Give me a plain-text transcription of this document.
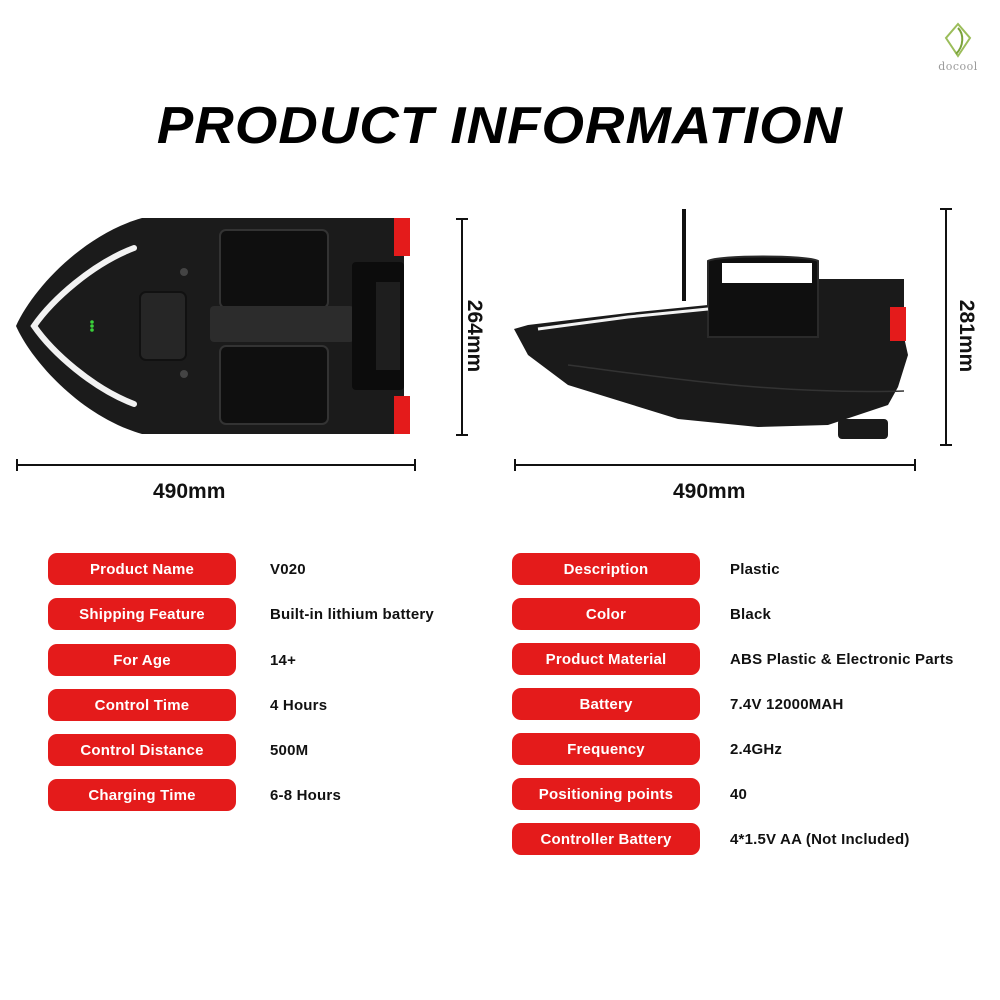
docool
PRODUCT INFORMATION
264mm
490mm
281mm
490mm
Product Name	V020
Shipping Feature	Built-in lithium battery
For Age	14+
Control Time	4 Hours
Control Distance	500M
Charging Time	6-8 Hours
Description	Plastic
Color	Black
Product Material	ABS Plastic & Electronic Parts
Battery	7.4V 12000MAH
Frequency	2.4GHz
Positioning points	40
Controller Battery	4*1.5V AA (Not Included)
